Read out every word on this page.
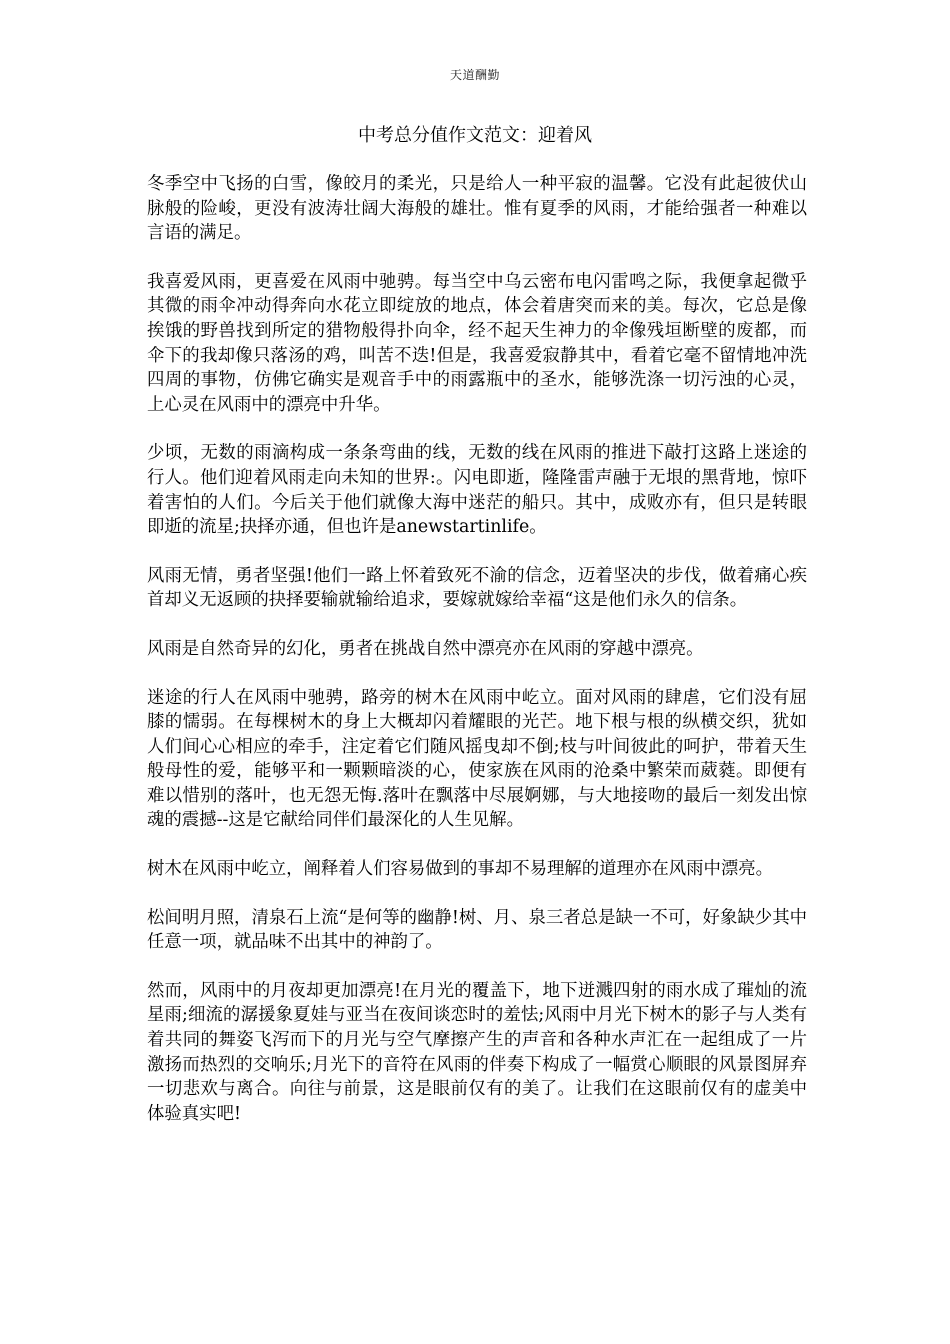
天道酬勤
中考总分值作文范文：迎着风

冬季空中飞扬的白雪，像皎月的柔光，只是给人一种平寂的温馨。它没有此起彼伏山脉般的险峻，更没有波涛壮阔大海般的雄壮。惟有夏季的风雨，才能给强者一种难以言语的满足。

我喜爱风雨，更喜爱在风雨中驰骋。每当空中乌云密布电闪雷鸣之际，我便拿起微乎其微的雨伞冲动得奔向水花立即绽放的地点，体会着唐突而来的美。每次，它总是像挨饿的野兽找到所定的猎物般得扑向伞，经不起天生神力的伞像残垣断壁的废都，而伞下的我却像只落汤的鸡，叫苦不迭!但是，我喜爱寂静其中，看着它毫不留情地冲洗四周的事物，仿佛它确实是观音手中的雨露瓶中的圣水，能够洗涤一切污浊的心灵，上心灵在风雨中的漂亮中升华。

少顷，无数的雨滴构成一条条弯曲的线，无数的线在风雨的推进下敲打这路上迷途的行人。他们迎着风雨走向未知的世界:。闪电即逝，隆隆雷声融于无垠的黑背地，惊吓着害怕的人们。今后关于他们就像大海中迷茫的船只。其中，成败亦有，但只是转眼即逝的流星;抉择亦通，但也许是anewstartinlife。

风雨无情，勇者坚强!他们一路上怀着致死不渝的信念，迈着坚决的步伐，做着痛心疾首却义无返顾的抉择要输就输给追求，要嫁就嫁给幸福“这是他们永久的信条。

风雨是自然奇异的幻化，勇者在挑战自然中漂亮亦在风雨的穿越中漂亮。

迷途的行人在风雨中驰骋，路旁的树木在风雨中屹立。面对风雨的肆虐，它们没有屈膝的懦弱。在每棵树木的身上大概却闪着耀眼的光芒。地下根与根的纵横交织，犹如人们间心心相应的牵手，注定着它们随风摇曳却不倒;枝与叶间彼此的呵护，带着天生般母性的爱，能够平和一颗颗暗淡的心，使家族在风雨的沧桑中繁荣而葳蕤。即便有难以惜别的落叶，也无怨无悔.落叶在飘落中尽展婀娜，与大地接吻的最后一刻发出惊魂的震撼--这是它献给同伴们最深化的人生见解。

树木在风雨中屹立，阐释着人们容易做到的事却不易理解的道理亦在风雨中漂亮。

松间明月照，清泉石上流“是何等的幽静!树、月、泉三者总是缺一不可，好象缺少其中任意一项，就品味不出其中的神韵了。

然而，风雨中的月夜却更加漂亮!在月光的覆盖下，地下迸溅四射的雨水成了璀灿的流星雨;细流的潺援象夏娃与亚当在夜间谈恋时的羞怯;风雨中月光下树木的影子与人类有着共同的舞姿飞泻而下的月光与空气摩擦产生的声音和各种水声汇在一起组成了一片激扬而热烈的交响乐;月光下的音符在风雨的伴奏下构成了一幅赏心顺眼的风景图屏弃一切悲欢与离合。向往与前景，这是眼前仅有的美了。让我们在这眼前仅有的虚美中体验真实吧!
